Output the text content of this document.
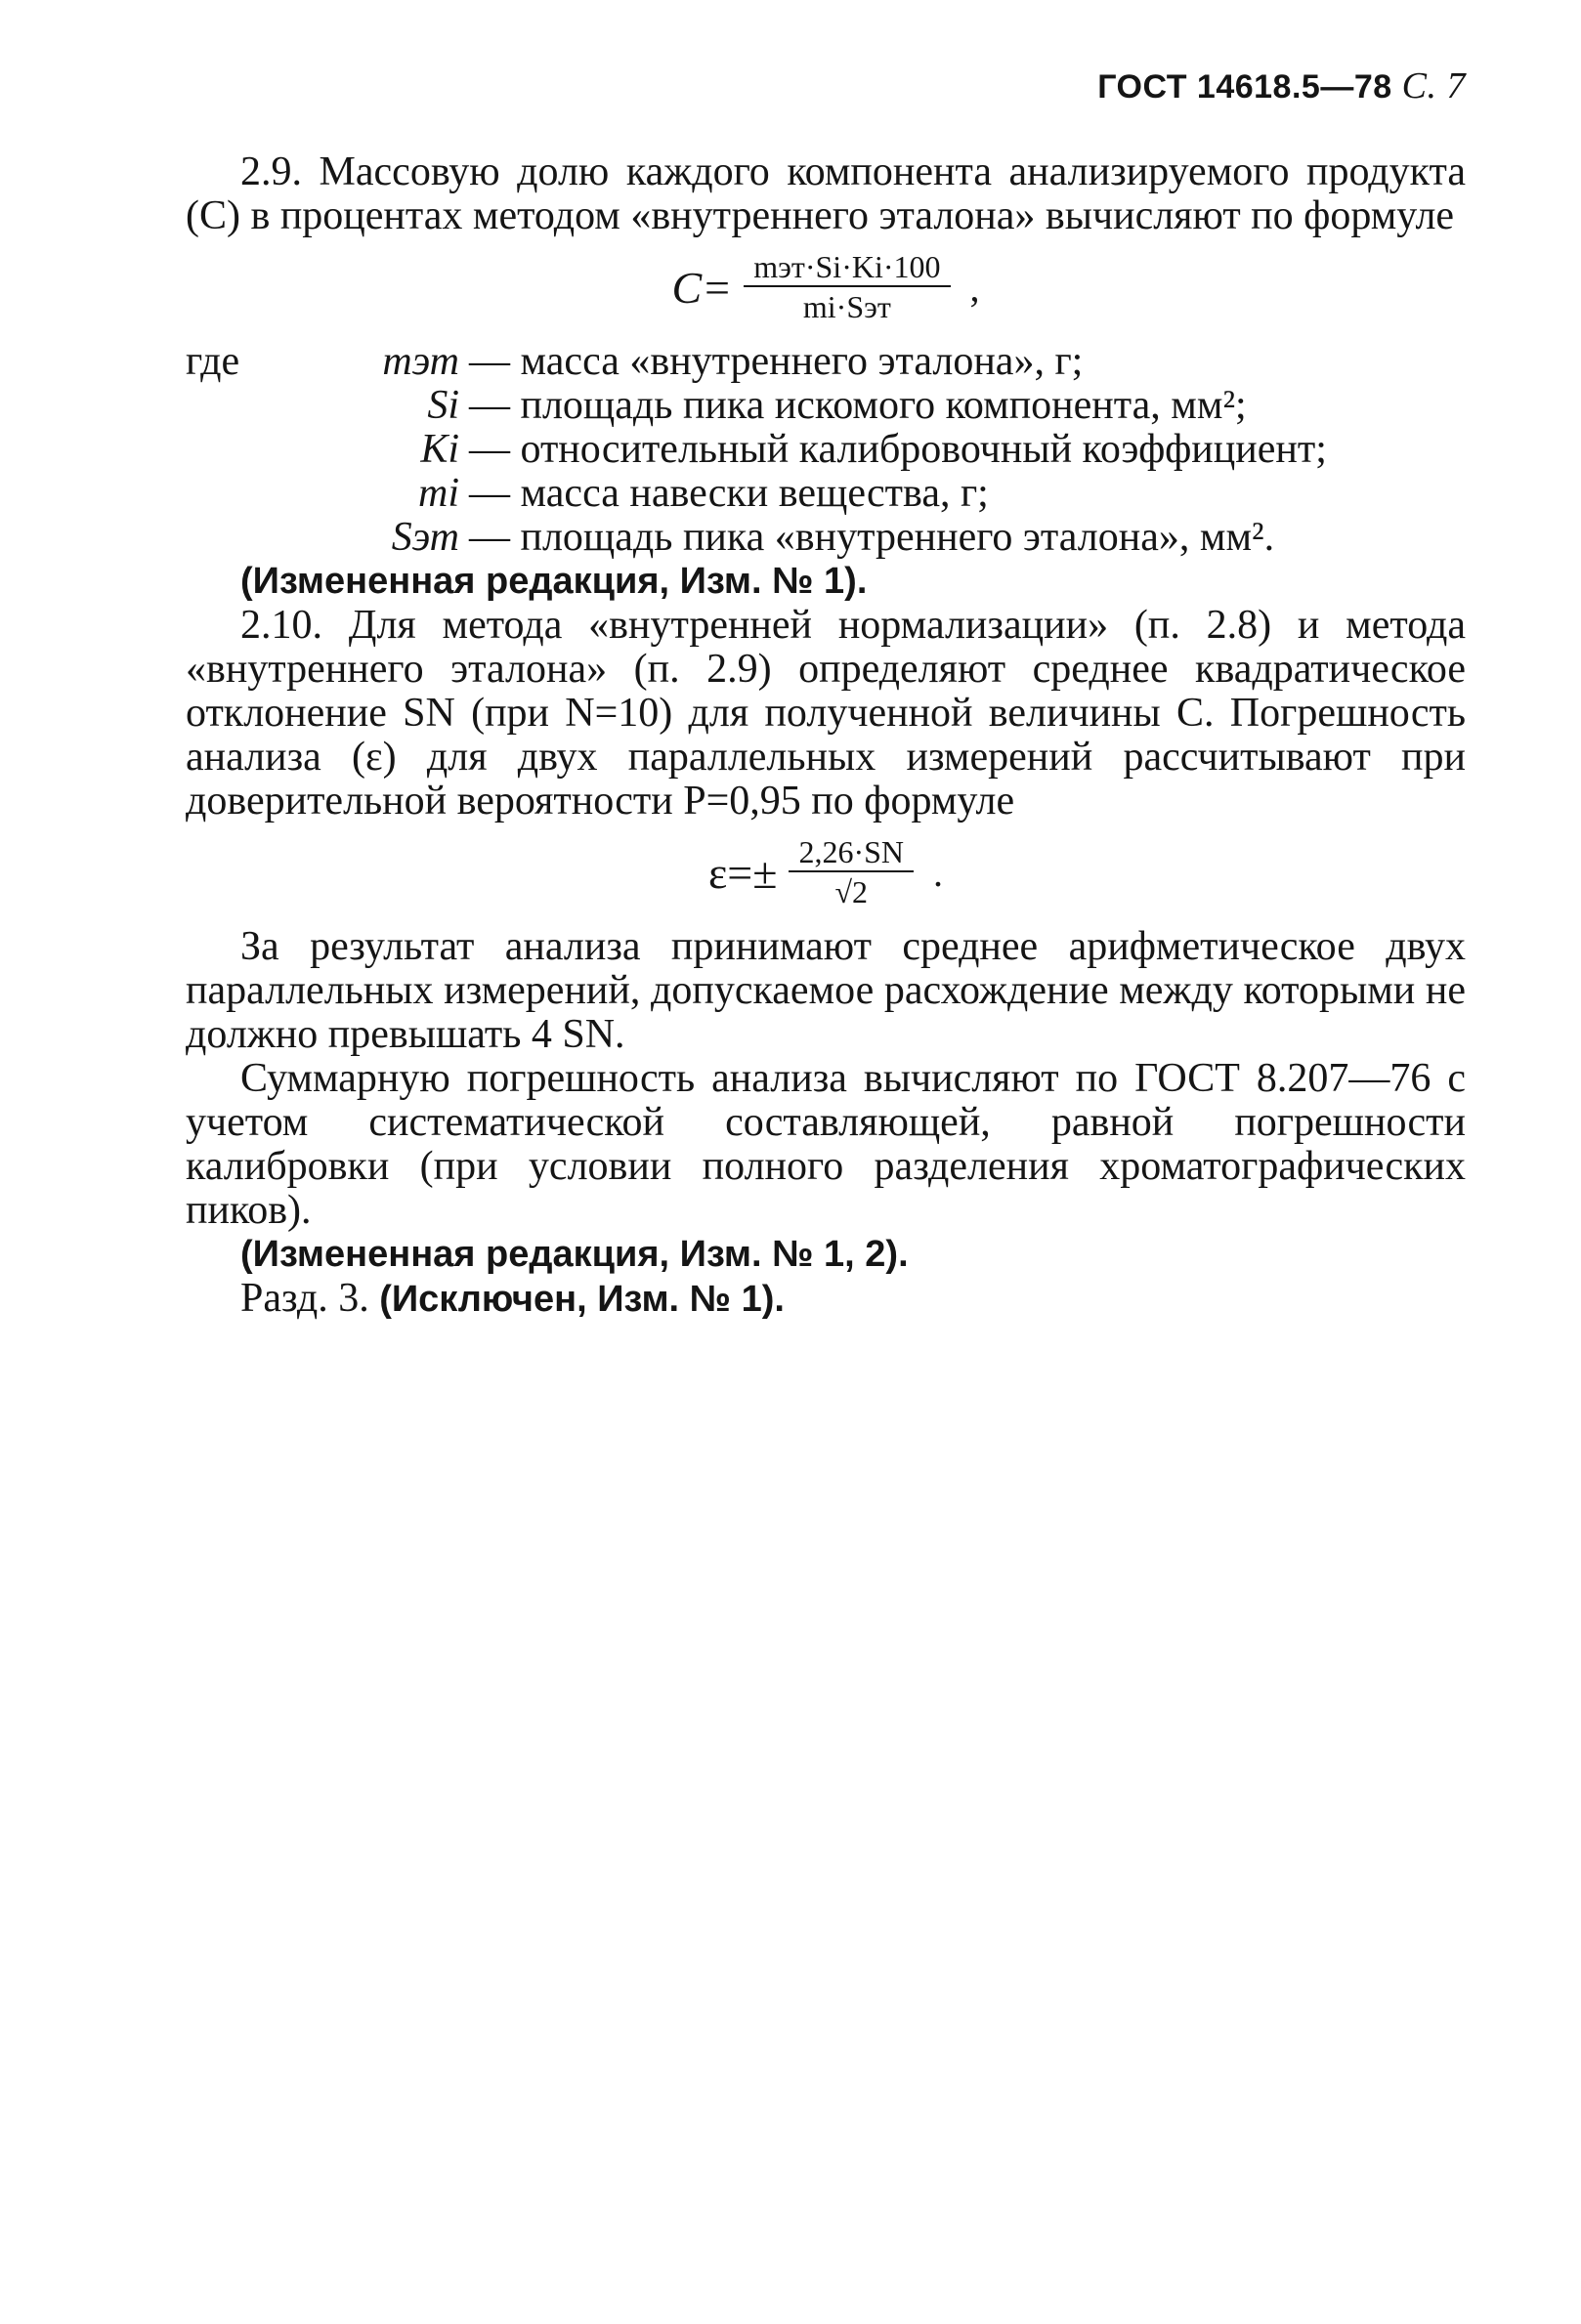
ГОСТ 14618.5—78 С. 7

2.9. Массовую долю каждого компонента анализируемого продукта (C) в процентах методом «внутреннего эталона» вычисляют по формуле

$C= \frac{\text{mэт·Si·Ki·100}}{\text{mi·Sэт}}$ ,
где	mэт — масса «внутреннего эталона», г;
Si — площадь пика искомого компонента, мм²;
Ki — относительный калибровочный коэффициент;
mi — масса навески вещества, г;
Sэт — площадь пика «внутреннего эталона», мм².

(Измененная редакция, Изм. № 1).

2.10. Для метода «внутренней нормализации» (п. 2.8) и метода «внутреннего эталона» (п. 2.9) определяют среднее квадратическое отклонение SN (при N=10) для полученной величины С. Погрешность анализа (ε) для двух параллельных измерений рассчитывают при доверительной вероятности P=0,95 по формуле

$\varepsilon=\pm \frac{2,26\cdot SN}{√2}$ .

За результат анализа принимают среднее арифметическое двух параллельных измерений, допускаемое расхождение между которыми не должно превышать 4 SN.

Суммарную погрешность анализа вычисляют по ГОСТ 8.207—76 с учетом систематической составляющей, равной погрешности калибровки (при условии полного разделения хроматографических пиков).

(Измененная редакция, Изм. № 1, 2).

Разд. 3. (Исключен, Изм. № 1).
